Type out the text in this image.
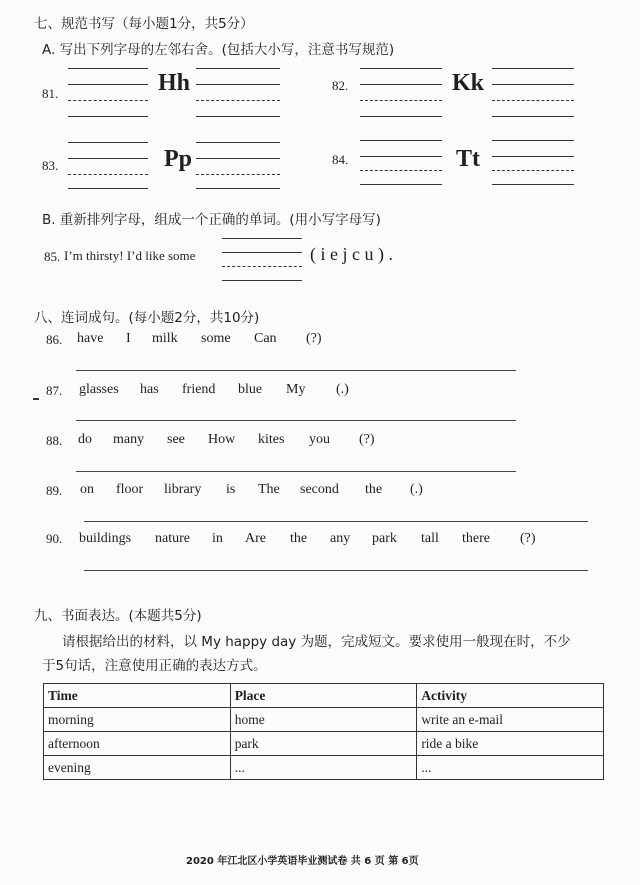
七、规范书写（每小题1分，共5分）
A. 写出下列字母的左邻右舍。(包括大小写，注意书写规范)
81.	Hh	82.	Kk
83.	Pp	84.	Tt
B. 重新排列字母，组成一个正确的单词。(用小写字母写)
85. I’m thirsty! I’d like some	( i e j c u ) .
八、连词成句。(每小题2分，共10分)
86. have I milk some Can (?)
87. glasses has friend blue My (.)
88. do many see How kites you (?)
89. on floor library is The second the (.)
90. buildings nature in Are the any park tall there (?)
九、书面表达。(本题共5分)
请根据给出的材料，以 My happy day 为题，完成短文。要求使用一般现在时，不少
于5句话，注意使用正确的表达方式。
Time	Place	Activity
morning	home	write an e-mail
afternoon	park	ride a bike
evening	...	...
2020 年江北区小学英语毕业测试卷 共 6 页 第 6页
